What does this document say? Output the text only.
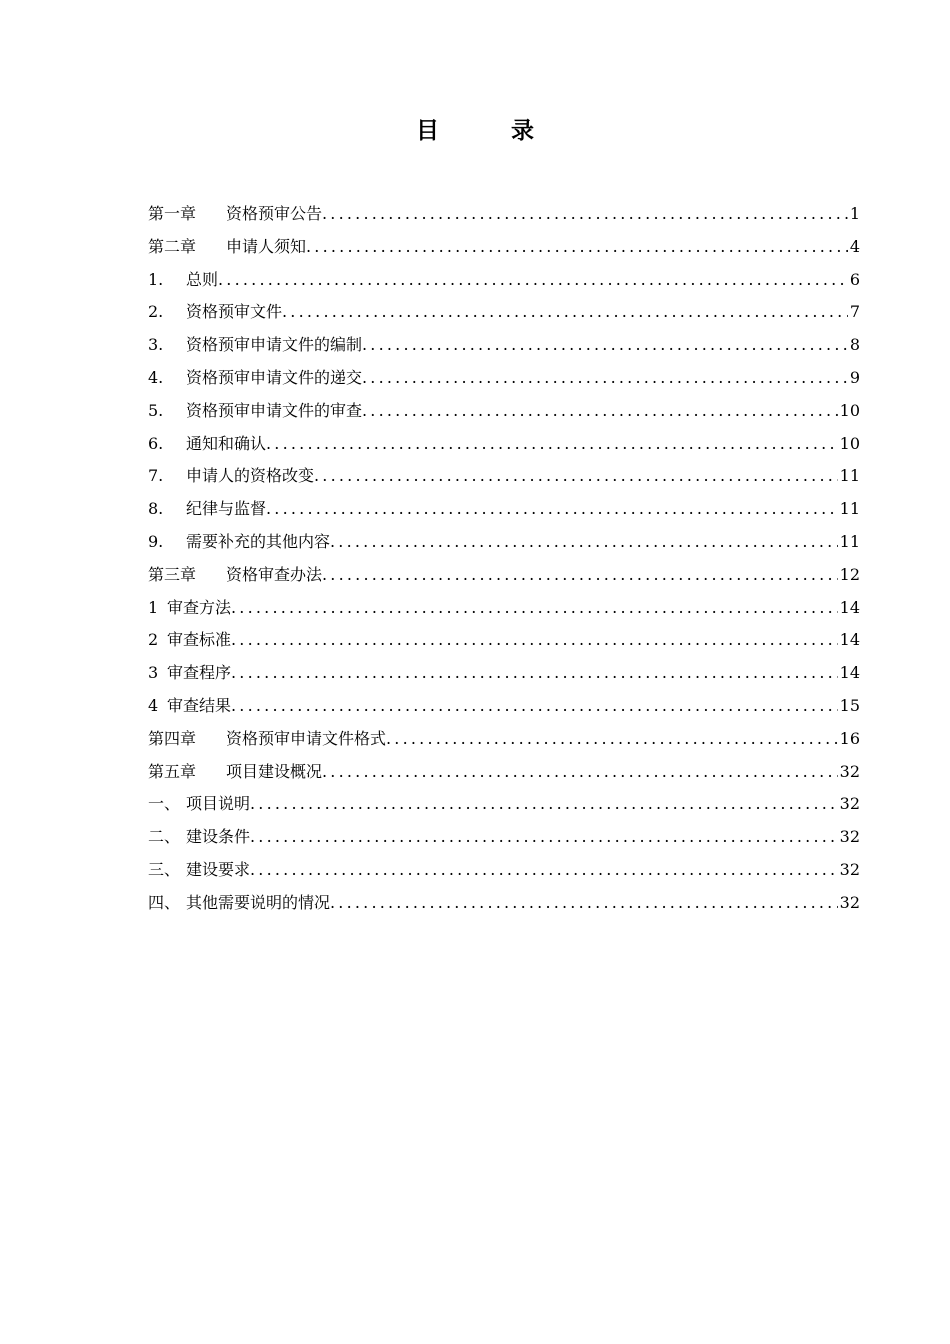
目	录
第一章 资格预审公告 .....	1
第二章 申请人须知 .....	4
1. 总则 .....	6
2. 资格预审文件 .....	7
3. 资格预审申请文件的编制 .....	8
4. 资格预审申请文件的递交 .....	9
5. 资格预审申请文件的审查 .....	10
6. 通知和确认 .....	10
7. 申请人的资格改变 .....	11
8. 纪律与监督 .....	11
9. 需要补充的其他内容 .....	11
第三章 资格审查办法 .....	12
1 审查方法 .....	14
2 审查标准 .....	14
3 审查程序 .....	14
4 审查结果 .....	15
第四章 资格预审申请文件格式 .....	16
第五章 项目建设概况 .....	32
一、 项目说明 .....	32
二、 建设条件 .....	32
三、 建设要求 .....	32
四、 其他需要说明的情况 .....	32
